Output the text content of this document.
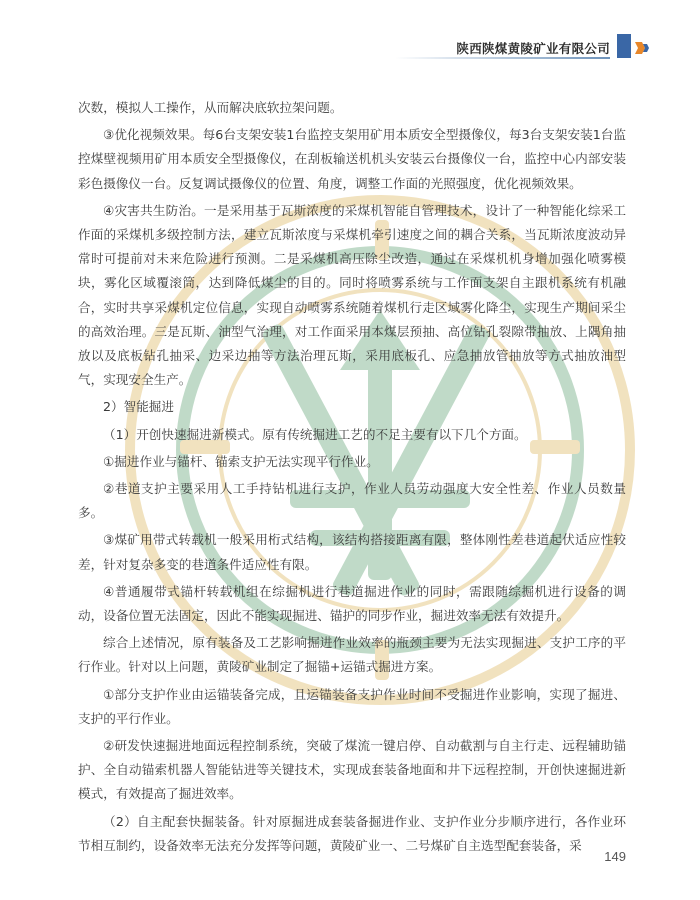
陕西陕煤黄陵矿业有限公司

次数，模拟人工操作，从而解决底软拉架问题。

③优化视频效果。每6台支架安装1台监控支架用矿用本质安全型摄像仪，每3台支架安装1台监控煤壁视频用矿用本质安全型摄像仪，在刮板输送机机头安装云台摄像仪一台，监控中心内部安装彩色摄像仪一台。反复调试摄像仪的位置、角度，调整工作面的光照强度，优化视频效果。

④灾害共生防治。一是采用基于瓦斯浓度的采煤机智能自管理技术，设计了一种智能化综采工作面的采煤机多级控制方法，建立瓦斯浓度与采煤机牵引速度之间的耦合关系，当瓦斯浓度波动异常时可提前对未来危险进行预测。二是采煤机高压除尘改造，通过在采煤机机身增加强化喷雾模块，雾化区域覆滚筒，达到降低煤尘的目的。同时将喷雾系统与工作面支架自主跟机系统有机融合，实时共享采煤机定位信息，实现自动喷雾系统随着煤机行走区域雾化降尘，实现生产期间采尘的高效治理。三是瓦斯、油型气治理，对工作面采用本煤层预抽、高位钻孔裂隙带抽放、上隅角抽放以及底板钻孔抽采、边采边抽等方法治理瓦斯，采用底板孔、应急抽放管抽放等方式抽放油型气，实现安全生产。

2）智能掘进

（1）开创快速掘进新模式。原有传统掘进工艺的不足主要有以下几个方面。

①掘进作业与锚杆、锚索支护无法实现平行作业。

②巷道支护主要采用人工手持钻机进行支护，作业人员劳动强度大安全性差、作业人员数量多。

③煤矿用带式转载机一般采用桁式结构，该结构搭接距离有限，整体刚性差巷道起伏适应性较差，针对复杂多变的巷道条件适应性有限。

④普通履带式锚杆转载机组在综掘机进行巷道掘进作业的同时，需跟随综掘机进行设备的调动，设备位置无法固定，因此不能实现掘进、锚护的同步作业，掘进效率无法有效提升。

综合上述情况，原有装备及工艺影响掘进作业效率的瓶颈主要为无法实现掘进、支护工序的平行作业。针对以上问题，黄陵矿业制定了掘锚+运锚式掘进方案。

①部分支护作业由运锚装备完成，且运锚装备支护作业时间不受掘进作业影响，实现了掘进、支护的平行作业。

②研发快速掘进地面远程控制系统，突破了煤流一键启停、自动截割与自主行走、远程辅助锚护、全自动锚索机器人智能钻进等关键技术，实现成套装备地面和井下远程控制，开创快速掘进新模式，有效提高了掘进效率。

（2）自主配套快掘装备。针对原掘进成套装备掘进作业、支护作业分步顺序进行，各作业环节相互制约，设备效率无法充分发挥等问题，黄陵矿业一、二号煤矿自主选型配套装备，采

149
